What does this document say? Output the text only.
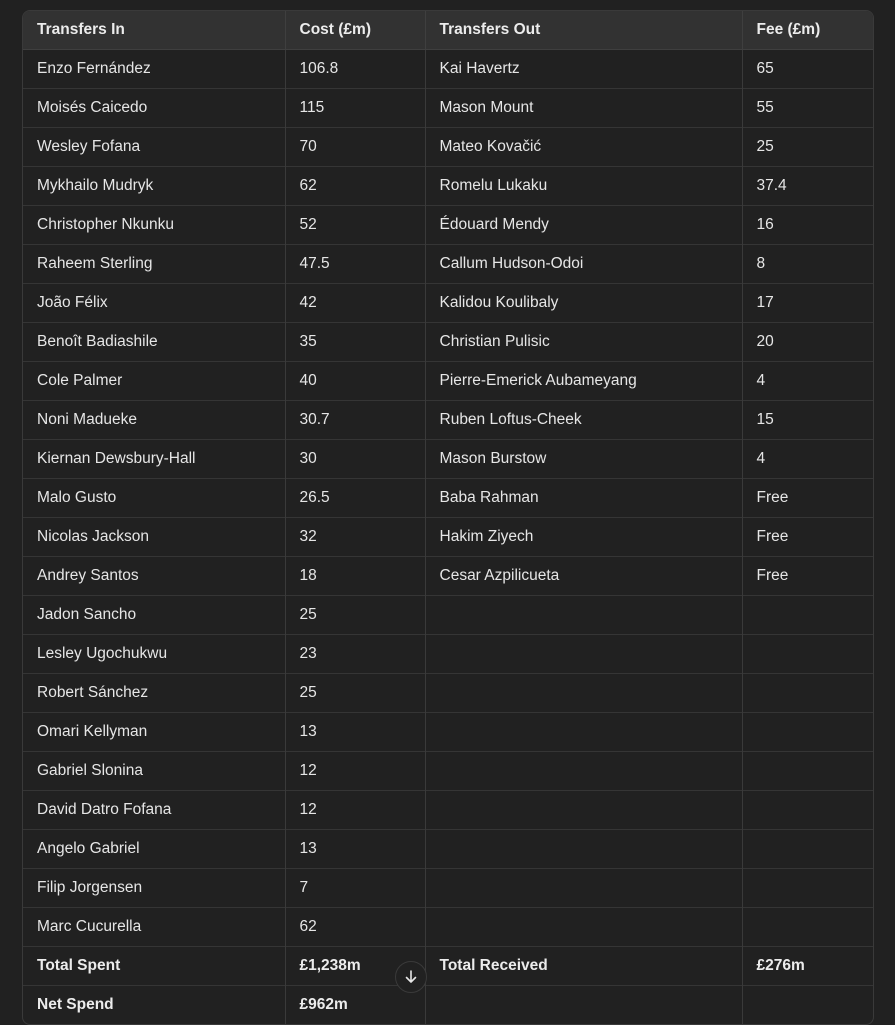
Transfers In	Cost (£m)	Transfers Out	Fee (£m)
Enzo Fernández	106.8	Kai Havertz	65
Moisés Caicedo	115	Mason Mount	55
Wesley Fofana	70	Mateo Kovačić	25
Mykhailo Mudryk	62	Romelu Lukaku	37.4
Christopher Nkunku	52	Édouard Mendy	16
Raheem Sterling	47.5	Callum Hudson-Odoi	8
João Félix	42	Kalidou Koulibaly	17
Benoît Badiashile	35	Christian Pulisic	20
Cole Palmer	40	Pierre-Emerick Aubameyang	4
Noni Madueke	30.7	Ruben Loftus-Cheek	15
Kiernan Dewsbury-Hall	30	Mason Burstow	4
Malo Gusto	26.5	Baba Rahman	Free
Nicolas Jackson	32	Hakim Ziyech	Free
Andrey Santos	18	Cesar Azpilicueta	Free
Jadon Sancho	25		
Lesley Ugochukwu	23		
Robert Sánchez	25		
Omari Kellyman	13		
Gabriel Slonina	12		
David Datro Fofana	12		
Angelo Gabriel	13		
Filip Jorgensen	7		
Marc Cucurella	62		
Total Spent	£1,238m	Total Received	£276m
Net Spend	£962m		
